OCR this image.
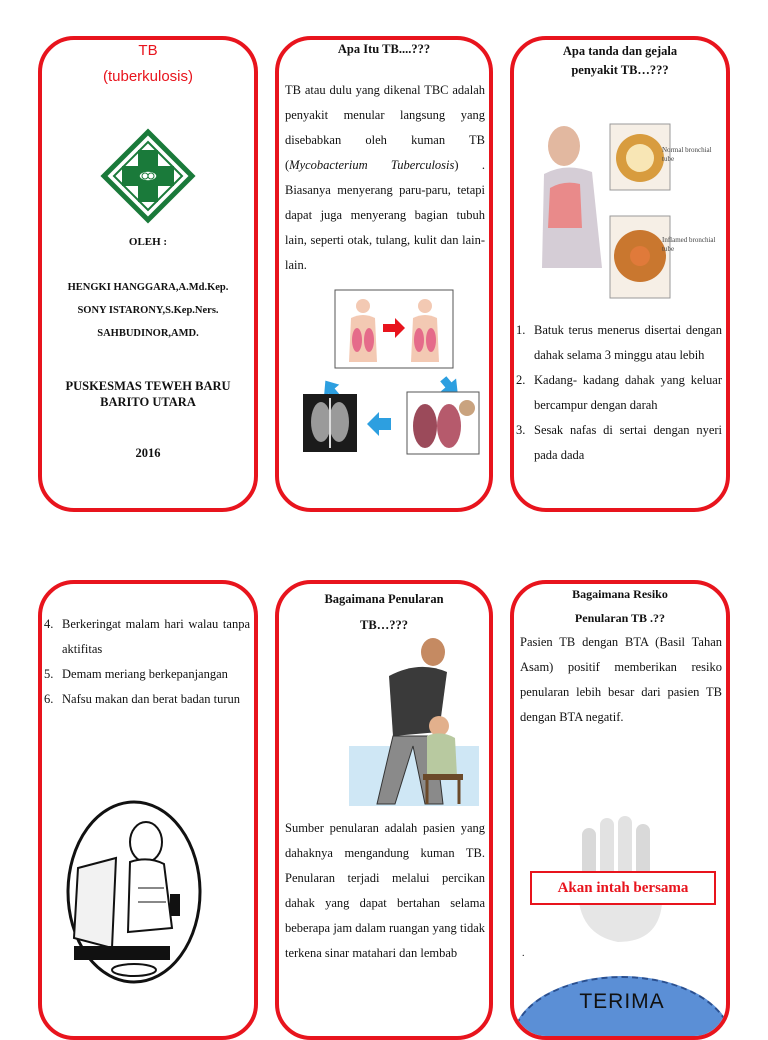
TB
(tuberkulosis)
OLEH :
HENGKI HANGGARA,A.Md.Kep.
SONY ISTARONY,S.Kep.Ners.
SAHBUDINOR,AMD.
PUSKESMAS TEWEH BARU
BARITO UTARA
2016
Apa Itu TB....???
TB atau dulu yang dikenal TBC adalah penyakit menular langsung yang disebabkan oleh kuman TB (Mycobacterium Tuberculosis) . Biasanya menyerang paru-paru, tetapi dapat juga menyerang bagian tubuh lain, seperti otak, tulang, kulit dan lain- lain.
Apa tanda dan gejala
penyakit TB…???
Normal bronchial tube
Inflamed bronchial tube
1. Batuk terus menerus disertai dengan dahak selama 3 minggu atau lebih
2. Kadang- kadang dahak yang keluar bercampur dengan darah
3. Sesak nafas di sertai dengan nyeri pada dada
4. Berkeringat malam hari walau tanpa aktifitas
5. Demam meriang berkepanjangan
6. Nafsu makan dan berat badan turun
Bagaimana Penularan
TB…???
Sumber penularan adalah pasien yang dahaknya mengandung kuman TB. Penularan terjadi melalui percikan dahak yang dapat bertahan selama beberapa jam dalam ruangan yang tidak terkena sinar matahari dan lembab
Bagaimana Resiko
Penularan TB .??
Pasien TB dengan BTA (Basil Tahan Asam) positif memberikan resiko penularan lebih besar dari pasien TB dengan BTA negatif.
Akan intah bersama
.
TERIMA
